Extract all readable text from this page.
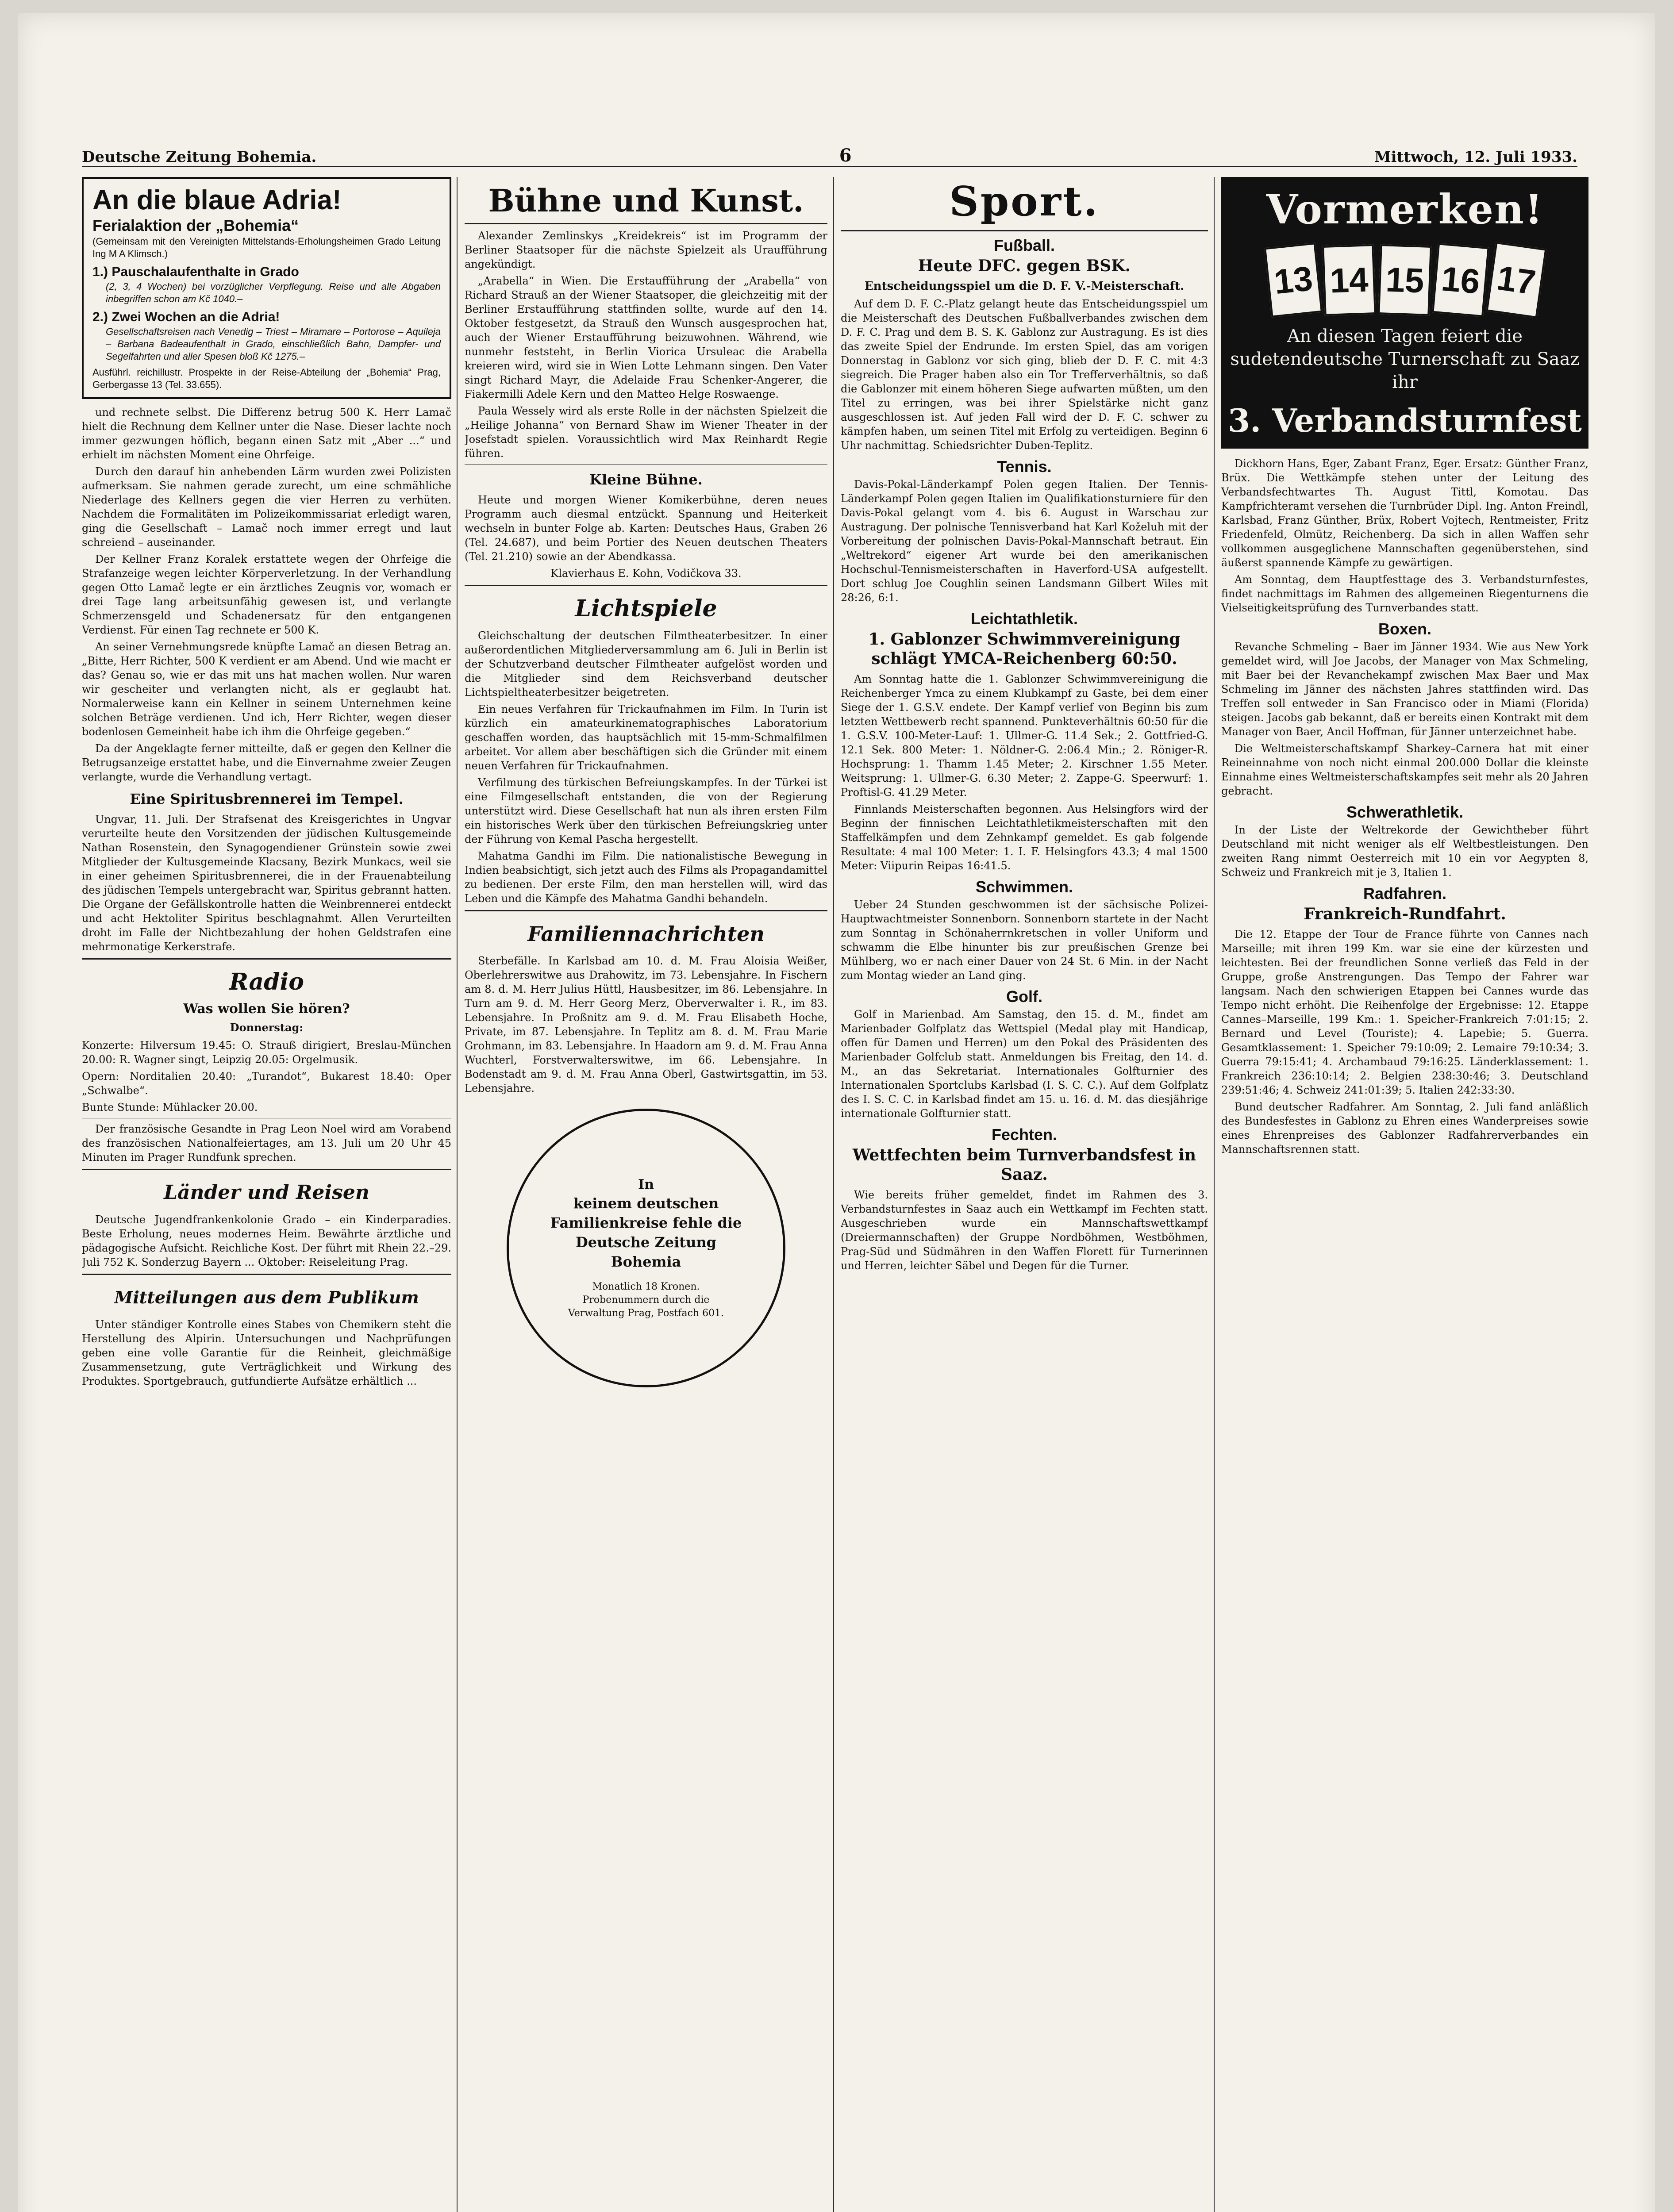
Deutsche Zeitung Bohemia.	6	Mittwoch, 12. Juli 1933.
An die blaue Adria!
Ferialaktion der „Bohemia“
(Gemeinsam mit den Vereinigten Mittelstands-Erholungsheimen Grado Leitung Ing M A Klimsch.)
1.) Pauschalaufenthalte in Grado
(2, 3, 4 Wochen) bei vorzüglicher Verpflegung. Reise und alle Abgaben inbegriffen schon am Kč 1040.–
2.) Zwei Wochen an die Adria!
Gesellschaftsreisen nach Venedig – Triest – Miramare – Portorose – Aquileja – Barbana Badeaufenthalt in Grado, einschließlich Bahn, Dampfer- und Segelfahrten und aller Spesen bloß Kč 1275.–
Ausführl. reichillustr. Prospekte in der Reise-Abteilung der „Bohemia“ Prag, Gerbergasse 13 (Tel. 33.655).

und rechnete selbst. Die Differenz betrug 500 K. Herr Lamač hielt die Rechnung dem Kellner unter die Nase. Dieser lachte noch immer gezwungen höflich, begann einen Satz mit „Aber ...“ und erhielt im nächsten Moment eine Ohrfeige.

Durch den darauf hin anhebenden Lärm wurden zwei Polizisten aufmerksam. Sie nahmen gerade zurecht, um eine schmähliche Niederlage des Kellners gegen die vier Herren zu verhüten. Nachdem die Formalitäten im Polizeikommissariat erledigt waren, ging die Gesellschaft – Lamač noch immer erregt und laut schreiend – auseinander.

Der Kellner Franz Koralek erstattete wegen der Ohrfeige die Strafanzeige wegen leichter Körperverletzung. In der Verhandlung gegen Otto Lamač legte er ein ärztliches Zeugnis vor, womach er drei Tage lang arbeitsunfähig gewesen ist, und verlangte Schmerzensgeld und Schadenersatz für den entgangenen Verdienst. Für einen Tag rechnete er 500 K.

An seiner Vernehmungsrede knüpfte Lamač an diesen Betrag an. „Bitte, Herr Richter, 500 K verdient er am Abend. Und wie macht er das? Genau so, wie er das mit uns hat machen wollen. Nur waren wir gescheiter und verlangten nicht, als er geglaubt hat. Normalerweise kann ein Kellner in seinem Unternehmen keine solchen Beträge verdienen. Und ich, Herr Richter, wegen dieser bodenlosen Gemeinheit habe ich ihm die Ohrfeige gegeben.“

Da der Angeklagte ferner mitteilte, daß er gegen den Kellner die Betrugsanzeige erstattet habe, und die Einvernahme zweier Zeugen verlangte, wurde die Verhandlung vertagt.

Eine Spiritusbrennerei im Tempel.

Ungvar, 11. Juli. Der Strafsenat des Kreisgerichtes in Ungvar verurteilte heute den Vorsitzenden der jüdischen Kultusgemeinde Nathan Rosenstein, den Synagogendiener Grünstein sowie zwei Mitglieder der Kultusgemeinde Klacsany, Bezirk Munkacs, weil sie in einer geheimen Spiritusbrennerei, die in der Frauenabteilung des jüdischen Tempels untergebracht war, Spiritus gebrannt hatten. Die Organe der Gefällskontrolle hatten die Weinbrennerei entdeckt und acht Hektoliter Spiritus beschlagnahmt. Allen Verurteilten droht im Falle der Nichtbezahlung der hohen Geldstrafen eine mehrmonatige Kerkerstrafe.

Radio
Was wollen Sie hören?
Donnerstag:

Konzerte: Hilversum 19.45: O. Strauß dirigiert, Breslau-München 20.00: R. Wagner singt, Leipzig 20.05: Orgelmusik.

Opern: Norditalien 20.40: „Turandot“, Bukarest 18.40: Oper „Schwalbe“.

Bunte Stunde: Mühlacker 20.00.

Der französische Gesandte in Prag Leon Noel wird am Vorabend des französischen Nationalfeiertages, am 13. Juli um 20 Uhr 45 Minuten im Prager Rundfunk sprechen.

Länder und Reisen

Deutsche Jugendfrankenkolonie Grado – ein Kinderparadies. Beste Erholung, neues modernes Heim. Bewährte ärztliche und pädagogische Aufsicht. Reichliche Kost. Der führt mit Rhein 22.–29. Juli 752 K. Sonderzug Bayern ... Oktober: Reiseleitung Prag.

Mitteilungen aus dem Publikum

Unter ständiger Kontrolle eines Stabes von Chemikern steht die Herstellung des Alpirin. Untersuchungen und Nachprüfungen geben eine volle Garantie für die Reinheit, gleichmäßige Zusammensetzung, gute Verträglichkeit und Wirkung des Produktes. Sportgebrauch, gutfundierte Aufsätze erhältlich ...

Bühne und Kunst.

Alexander Zemlinskys „Kreidekreis“ ist im Programm der Berliner Staatsoper für die nächste Spielzeit als Uraufführung angekündigt.

„Arabella“ in Wien. Die Erstaufführung der „Arabella“ von Richard Strauß an der Wiener Staatsoper, die gleichzeitig mit der Berliner Erstaufführung stattfinden sollte, wurde auf den 14. Oktober festgesetzt, da Strauß den Wunsch ausgesprochen hat, auch der Wiener Erstaufführung beizuwohnen. Während, wie nunmehr feststeht, in Berlin Viorica Ursuleac die Arabella kreieren wird, wird sie in Wien Lotte Lehmann singen. Den Vater singt Richard Mayr, die Adelaide Frau Schenker-Angerer, die Fiakermilli Adele Kern und den Matteo Helge Roswaenge.

Paula Wessely wird als erste Rolle in der nächsten Spielzeit die „Heilige Johanna“ von Bernard Shaw im Wiener Theater in der Josefstadt spielen. Voraussichtlich wird Max Reinhardt Regie führen.

Kleine Bühne.

Heute und morgen Wiener Komikerbühne, deren neues Programm auch diesmal entzückt. Spannung und Heiterkeit wechseln in bunter Folge ab. Karten: Deutsches Haus, Graben 26 (Tel. 24.687), und beim Portier des Neuen deutschen Theaters (Tel. 21.210) sowie an der Abendkassa.

Klavierhaus E. Kohn, Vodičkova 33.

Lichtspiele

Gleichschaltung der deutschen Filmtheaterbesitzer. In einer außerordentlichen Mitgliederversammlung am 6. Juli in Berlin ist der Schutzverband deutscher Filmtheater aufgelöst worden und die Mitglieder sind dem Reichsverband deutscher Lichtspieltheaterbesitzer beigetreten.

Ein neues Verfahren für Trickaufnahmen im Film. In Turin ist kürzlich ein amateurkinematographisches Laboratorium geschaffen worden, das hauptsächlich mit 15-mm-Schmalfilmen arbeitet. Vor allem aber beschäftigen sich die Gründer mit einem neuen Verfahren für Trickaufnahmen.

Verfilmung des türkischen Befreiungskampfes. In der Türkei ist eine Filmgesellschaft entstanden, die von der Regierung unterstützt wird. Diese Gesellschaft hat nun als ihren ersten Film ein historisches Werk über den türkischen Befreiungskrieg unter der Führung von Kemal Pascha hergestellt.

Mahatma Gandhi im Film. Die nationalistische Bewegung in Indien beabsichtigt, sich jetzt auch des Films als Propagandamittel zu bedienen. Der erste Film, den man herstellen will, wird das Leben und die Kämpfe des Mahatma Gandhi behandeln.

Familiennachrichten

Sterbefälle. In Karlsbad am 10. d. M. Frau Aloisia Weißer, Oberlehrerswitwe aus Drahowitz, im 73. Lebensjahre. In Fischern am 8. d. M. Herr Julius Hüttl, Hausbesitzer, im 86. Lebensjahre. In Turn am 9. d. M. Herr Georg Merz, Oberverwalter i. R., im 83. Lebensjahre. In Proßnitz am 9. d. M. Frau Elisabeth Hoche, Private, im 87. Lebensjahre. In Teplitz am 8. d. M. Frau Marie Grohmann, im 83. Lebensjahre. In Haadorn am 9. d. M. Frau Anna Wuchterl, Forstverwalterswitwe, im 66. Lebensjahre. In Bodenstadt am 9. d. M. Frau Anna Oberl, Gastwirtsgattin, im 53. Lebensjahre.

In
keinem deutschen Familienkreise fehle die Deutsche Zeitung Bohemia
Monatlich 18 Kronen. Probenummern durch die Verwaltung Prag, Postfach 601.
Sport.
Fußball.
Heute DFC. gegen BSK.
Entscheidungsspiel um die D. F. V.-Meisterschaft.

Auf dem D. F. C.-Platz gelangt heute das Entscheidungsspiel um die Meisterschaft des Deutschen Fußballverbandes zwischen dem D. F. C. Prag und dem B. S. K. Gablonz zur Austragung. Es ist dies das zweite Spiel der Endrunde. Im ersten Spiel, das am vorigen Donnerstag in Gablonz vor sich ging, blieb der D. F. C. mit 4:3 siegreich. Die Prager haben also ein Tor Trefferverhältnis, so daß die Gablonzer mit einem höheren Siege aufwarten müßten, um den Titel zu erringen, was bei ihrer Spielstärke nicht ganz ausgeschlossen ist. Auf jeden Fall wird der D. F. C. schwer zu kämpfen haben, um seinen Titel mit Erfolg zu verteidigen. Beginn 6 Uhr nachmittag. Schiedsrichter Duben-Teplitz.

Tennis.

Davis-Pokal-Länderkampf Polen gegen Italien. Der Tennis-Länderkampf Polen gegen Italien im Qualifikationsturniere für den Davis-Pokal gelangt vom 4. bis 6. August in Warschau zur Austragung. Der polnische Tennisverband hat Karl Koželuh mit der Vorbereitung der polnischen Davis-Pokal-Mannschaft betraut. Ein „Weltrekord“ eigener Art wurde bei den amerikanischen Hochschul-Tennismeisterschaften in Haverford-USA aufgestellt. Dort schlug Joe Coughlin seinen Landsmann Gilbert Wiles mit 28:26, 6:1.

Leichtathletik.
1. Gablonzer Schwimmvereinigung schlägt YMCA-Reichenberg 60:50.

Am Sonntag hatte die 1. Gablonzer Schwimmvereinigung die Reichenberger Ymca zu einem Klubkampf zu Gaste, bei dem einer Siege der 1. G.S.V. endete. Der Kampf verlief von Beginn bis zum letzten Wettbewerb recht spannend. Punkteverhältnis 60:50 für die 1. G.S.V. 100-Meter-Lauf: 1. Ullmer-G. 11.4 Sek.; 2. Gottfried-G. 12.1 Sek. 800 Meter: 1. Nöldner-G. 2:06.4 Min.; 2. Röniger-R. Hochsprung: 1. Thamm 1.45 Meter; 2. Kirschner 1.55 Meter. Weitsprung: 1. Ullmer-G. 6.30 Meter; 2. Zappe-G. Speerwurf: 1. Proftisl-G. 41.29 Meter.

Finnlands Meisterschaften begonnen. Aus Helsingfors wird der Beginn der finnischen Leichtathletikmeisterschaften mit den Staffelkämpfen und dem Zehnkampf gemeldet. Es gab folgende Resultate: 4 mal 100 Meter: 1. I. F. Helsingfors 43.3; 4 mal 1500 Meter: Viipurin Reipas 16:41.5.

Schwimmen.

Ueber 24 Stunden geschwommen ist der sächsische Polizei-Hauptwachtmeister Sonnenborn. Sonnenborn startete in der Nacht zum Sonntag in Schönaherrnkretschen in voller Uniform und schwamm die Elbe hinunter bis zur preußischen Grenze bei Mühlberg, wo er nach einer Dauer von 24 St. 6 Min. in der Nacht zum Montag wieder an Land ging.

Golf.

Golf in Marienbad. Am Samstag, den 15. d. M., findet am Marienbader Golfplatz das Wettspiel (Medal play mit Handicap, offen für Damen und Herren) um den Pokal des Präsidenten des Marienbader Golfclub statt. Anmeldungen bis Freitag, den 14. d. M., an das Sekretariat. Internationales Golfturnier des Internationalen Sportclubs Karlsbad (I. S. C. C.). Auf dem Golfplatz des I. S. C. C. in Karlsbad findet am 15. u. 16. d. M. das diesjährige internationale Golfturnier statt.

Fechten.
Wettfechten beim Turnverbandsfest in Saaz.

Wie bereits früher gemeldet, findet im Rahmen des 3. Verbandsturnfestes in Saaz auch ein Wettkampf im Fechten statt. Ausgeschrieben wurde ein Mannschaftswettkampf (Dreiermannschaften) der Gruppe Nordböhmen, Westböhmen, Prag-Süd und Südmähren in den Waffen Florett für Turnerinnen und Herren, leichter Säbel und Degen für die Turner.

Vormerken!
13 14 15 16 17
An diesen Tagen feiert die sudetendeutsche Turnerschaft zu Saaz ihr
3. Verbandsturnfest

Dickhorn Hans, Eger, Zabant Franz, Eger. Ersatz: Günther Franz, Brüx. Die Wettkämpfe stehen unter der Leitung des Verbandsfechtwartes Th. August Tittl, Komotau. Das Kampfrichteramt versehen die Turnbrüder Dipl. Ing. Anton Freindl, Karlsbad, Franz Günther, Brüx, Robert Vojtech, Rentmeister, Fritz Friedenfeld, Olmütz, Reichenberg. Da sich in allen Waffen sehr vollkommen ausgeglichene Mannschaften gegenüberstehen, sind äußerst spannende Kämpfe zu gewärtigen.

Am Sonntag, dem Hauptfesttage des 3. Verbandsturnfestes, findet nachmittags im Rahmen des allgemeinen Riegenturnens die Vielseitigkeitsprüfung des Turnverbandes statt.

Boxen.

Revanche Schmeling – Baer im Jänner 1934. Wie aus New York gemeldet wird, will Joe Jacobs, der Manager von Max Schmeling, mit Baer bei der Revanchekampf zwischen Max Baer und Max Schmeling im Jänner des nächsten Jahres stattfinden wird. Das Treffen soll entweder in San Francisco oder in Miami (Florida) steigen. Jacobs gab bekannt, daß er bereits einen Kontrakt mit dem Manager von Baer, Ancil Hoffman, für Jänner unterzeichnet habe.

Die Weltmeisterschaftskampf Sharkey–Carnera hat mit einer Reineinnahme von noch nicht einmal 200.000 Dollar die kleinste Einnahme eines Weltmeisterschaftskampfes seit mehr als 20 Jahren gebracht.

Schwerathletik.

In der Liste der Weltrekorde der Gewichtheber führt Deutschland mit nicht weniger als elf Weltbestleistungen. Den zweiten Rang nimmt Oesterreich mit 10 ein vor Aegypten 8, Schweiz und Frankreich mit je 3, Italien 1.

Radfahren.
Frankreich-Rundfahrt.

Die 12. Etappe der Tour de France führte von Cannes nach Marseille; mit ihren 199 Km. war sie eine der kürzesten und leichtesten. Bei der freundlichen Sonne verließ das Feld in der Gruppe, große Anstrengungen. Das Tempo der Fahrer war langsam. Nach den schwierigen Etappen bei Cannes wurde das Tempo nicht erhöht. Die Reihenfolge der Ergebnisse: 12. Etappe Cannes–Marseille, 199 Km.: 1. Speicher-Frankreich 7:01:15; 2. Bernard und Level (Touriste); 4. Lapebie; 5. Guerra. Gesamtklassement: 1. Speicher 79:10:09; 2. Lemaire 79:10:34; 3. Guerra 79:15:41; 4. Archambaud 79:16:25. Länderklassement: 1. Frankreich 236:10:14; 2. Belgien 238:30:46; 3. Deutschland 239:51:46; 4. Schweiz 241:01:39; 5. Italien 242:33:30.

Bund deutscher Radfahrer. Am Sonntag, 2. Juli fand anläßlich des Bundesfestes in Gablonz zu Ehren eines Wanderpreises sowie eines Ehrenpreises des Gablonzer Radfahrerverbandes ein Mannschaftsrennen statt.
